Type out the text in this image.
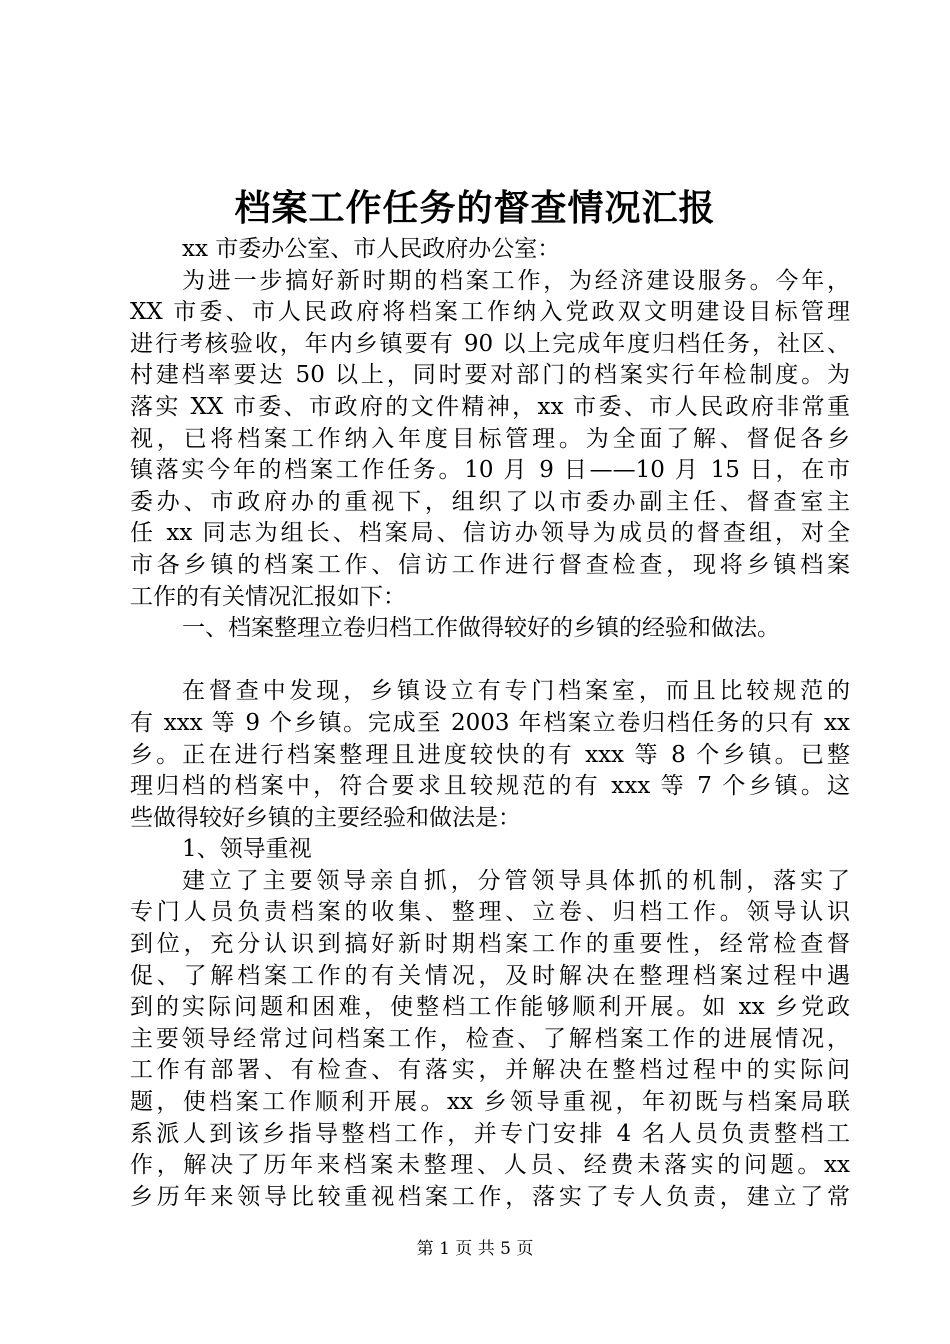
档案工作任务的督查情况汇报
xx 市委办公室、市人民政府办公室：
为进一步搞好新时期的档案工作，为经济建设服务。今年，
XX 市委、市人民政府将档案工作纳入党政双文明建设目标管理
进行考核验收，年内乡镇要有 90 以上完成年度归档任务，社区、
村建档率要达 50 以上，同时要对部门的档案实行年检制度。为
落实 XX 市委、市政府的文件精神，xx 市委、市人民政府非常重
视，已将档案工作纳入年度目标管理。为全面了解、督促各乡
镇落实今年的档案工作任务。10 月 9 日——10 月 15 日，在市
委办、市政府办的重视下，组织了以市委办副主任、督查室主
任 xx 同志为组长、档案局、信访办领导为成员的督查组，对全
市各乡镇的档案工作、信访工作进行督查检查，现将乡镇档案
工作的有关情况汇报如下：
一、档案整理立卷归档工作做得较好的乡镇的经验和做法。
在督查中发现，乡镇设立有专门档案室，而且比较规范的
有 xxx 等 9 个乡镇。完成至 2003 年档案立卷归档任务的只有 xx
乡。正在进行档案整理且进度较快的有 xxx 等 8 个乡镇。已整
理归档的档案中，符合要求且较规范的有 xxx 等 7 个乡镇。这
些做得较好乡镇的主要经验和做法是：
1、领导重视
建立了主要领导亲自抓，分管领导具体抓的机制，落实了
专门人员负责档案的收集、整理、立卷、归档工作。领导认识
到位，充分认识到搞好新时期档案工作的重要性，经常检查督
促、了解档案工作的有关情况，及时解决在整理档案过程中遇
到的实际问题和困难，使整档工作能够顺利开展。如 xx 乡党政
主要领导经常过问档案工作，检查、了解档案工作的进展情况，
工作有部署、有检查、有落实，并解决在整档过程中的实际问
题，使档案工作顺利开展。xx 乡领导重视，年初既与档案局联
系派人到该乡指导整档工作，并专门安排 4 名人员负责整档工
作，解决了历年来档案未整理、人员、经费未落实的问题。xx
乡历年来领导比较重视档案工作，落实了专人负责，建立了常
第 1 页 共 5 页
